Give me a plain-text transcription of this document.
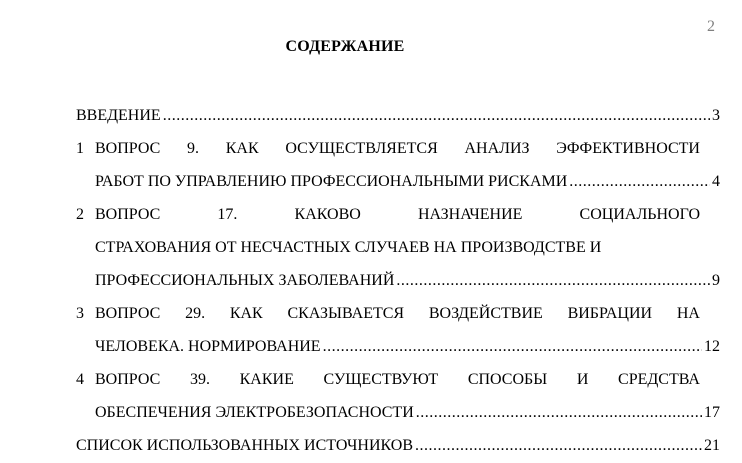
2
СОДЕРЖАНИЕ
ВВЕДЕНИЕ .....	3
1 ВОПРОС 9. КАК ОСУЩЕСТВЛЯЕТСЯ АНАЛИЗ ЭФФЕКТИВНОСТИ
РАБОТ ПО УПРАВЛЕНИЮ ПРОФЕССИОНАЛЬНЫМИ РИСКАМИ .....	4
2 ВОПРОС	17.	КАКОВО	НАЗНАЧЕНИЕ	СОЦИАЛЬНОГО
СТРАХОВАНИЯ ОТ НЕСЧАСТНЫХ СЛУЧАЕВ НА ПРОИЗВОДСТВЕ И
ПРОФЕССИОНАЛЬНЫХ ЗАБОЛЕВАНИЙ .....	9
3 ВОПРОС 29. КАК СКАЗЫВАЕТСЯ ВОЗДЕЙСТВИЕ ВИБРАЦИИ НА
ЧЕЛОВЕКА. НОРМИРОВАНИЕ .....	12
4 ВОПРОС 39. КАКИЕ СУЩЕСТВУЮТ СПОСОБЫ И СРЕДСТВА
ОБЕСПЕЧЕНИЯ ЭЛЕКТРОБЕЗОПАСНОСТИ .....	17
СПИСОК ИСПОЛЬЗОВАННЫХ ИСТОЧНИКОВ .....	21
